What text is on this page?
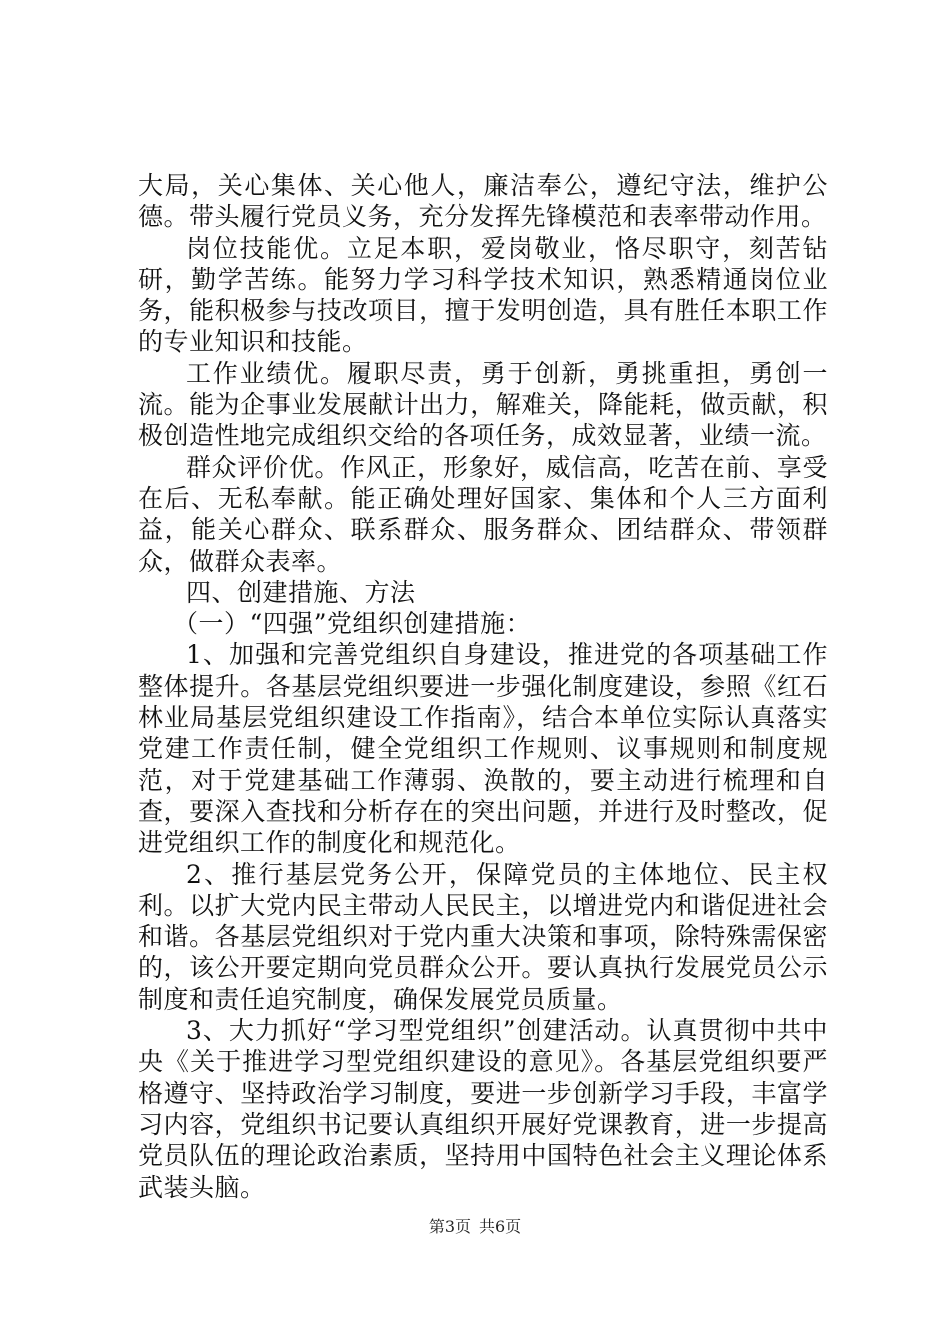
大局，关心集体、关心他人，廉洁奉公，遵纪守法，维护公德。带头履行党员义务，充分发挥先锋模范和表率带动作用。

岗位技能优。立足本职，爱岗敬业，恪尽职守，刻苦钻研，勤学苦练。能努力学习科学技术知识，熟悉精通岗位业务，能积极参与技改项目，擅于发明创造，具有胜任本职工作的专业知识和技能。

工作业绩优。履职尽责，勇于创新，勇挑重担，勇创一流。能为企事业发展献计出力，解难关，降能耗，做贡献，积极创造性地完成组织交给的各项任务，成效显著，业绩一流。

群众评价优。作风正，形象好，威信高，吃苦在前、享受在后、无私奉献。能正确处理好国家、集体和个人三方面利益，能关心群众、联系群众、服务群众、团结群众、带领群众，做群众表率。

四、创建措施、方法

（一）“四强”党组织创建措施：

1、加强和完善党组织自身建设，推进党的各项基础工作整体提升。各基层党组织要进一步强化制度建设，参照《红石林业局基层党组织建设工作指南》，结合本单位实际认真落实党建工作责任制，健全党组织工作规则、议事规则和制度规范，对于党建基础工作薄弱、涣散的，要主动进行梳理和自查，要深入查找和分析存在的突出问题，并进行及时整改，促进党组织工作的制度化和规范化。

2、推行基层党务公开，保障党员的主体地位、民主权利。以扩大党内民主带动人民民主，以增进党内和谐促进社会和谐。各基层党组织对于党内重大决策和事项，除特殊需保密的，该公开要定期向党员群众公开。要认真执行发展党员公示制度和责任追究制度，确保发展党员质量。

3、大力抓好“学习型党组织”创建活动。认真贯彻中共中央《关于推进学习型党组织建设的意见》。各基层党组织要严格遵守、坚持政治学习制度，要进一步创新学习手段，丰富学习内容，党组织书记要认真组织开展好党课教育，进一步提高党员队伍的理论政治素质，坚持用中国特色社会主义理论体系武装头脑。

第3页 共6页
